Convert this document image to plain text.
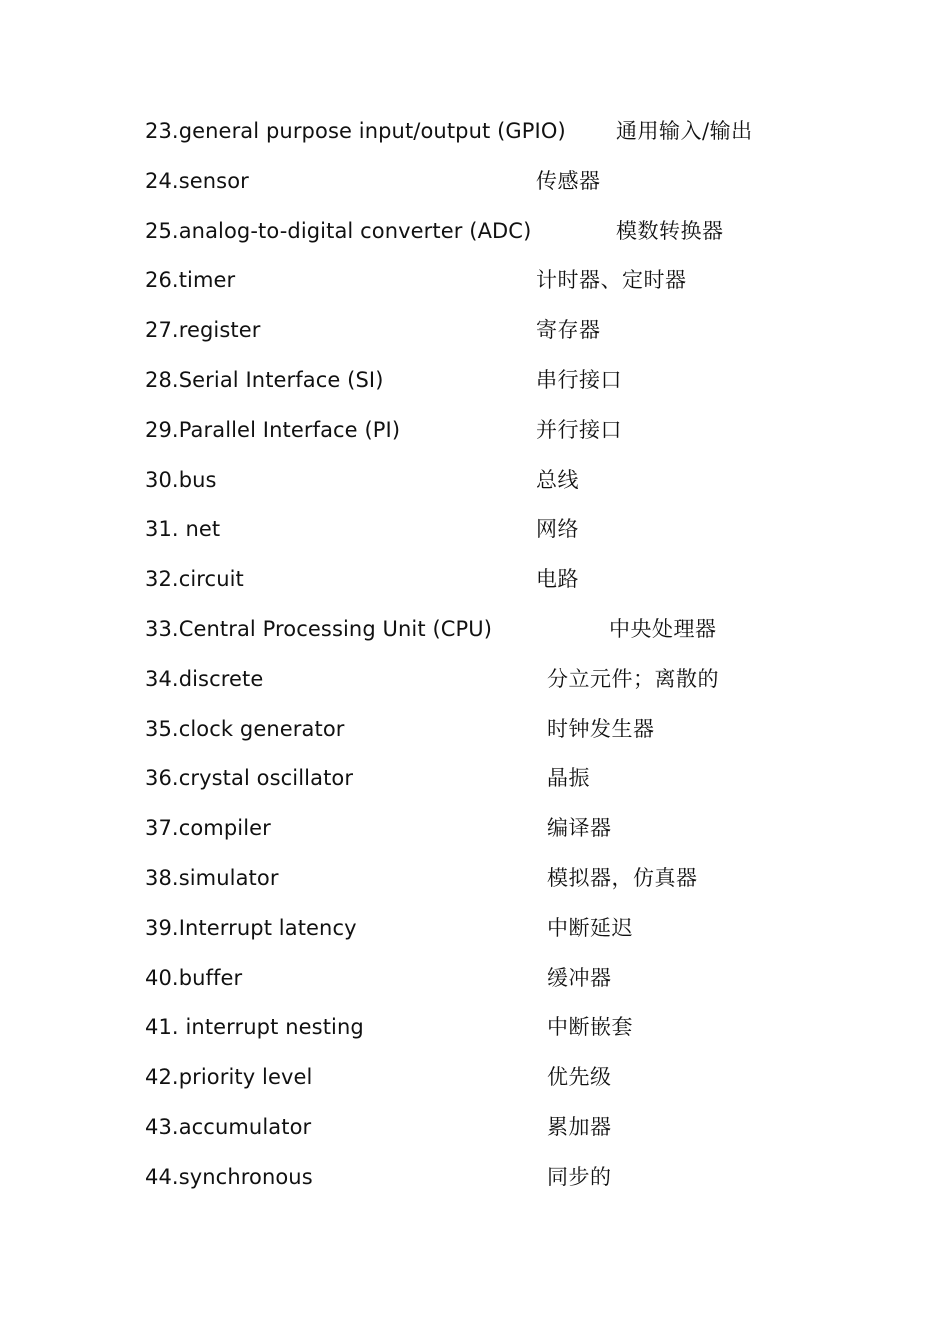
23.general purpose input/output (GPIO) 通用输入/输出
24.sensor	传感器
25.analog-to-digital converter (ADC)	模数转换器
26.timer	计时器、定时器
27.register	寄存器
28.Serial Interface (SI)	串行接口
29.Parallel Interface (PI)	并行接口
30.bus	总线
31. net	网络
32.circuit	电路
33.Central Processing Unit (CPU)	中央处理器
34.discrete	分立元件；离散的
35.clock generator	时钟发生器
36.crystal oscillator	晶振
37.compiler	编译器
38.simulator	模拟器，仿真器
39.Interrupt latency	中断延迟
40.buffer	缓冲器
41. interrupt nesting	中断嵌套
42.priority level	优先级
43.accumulator	累加器
44.synchronous	同步的
